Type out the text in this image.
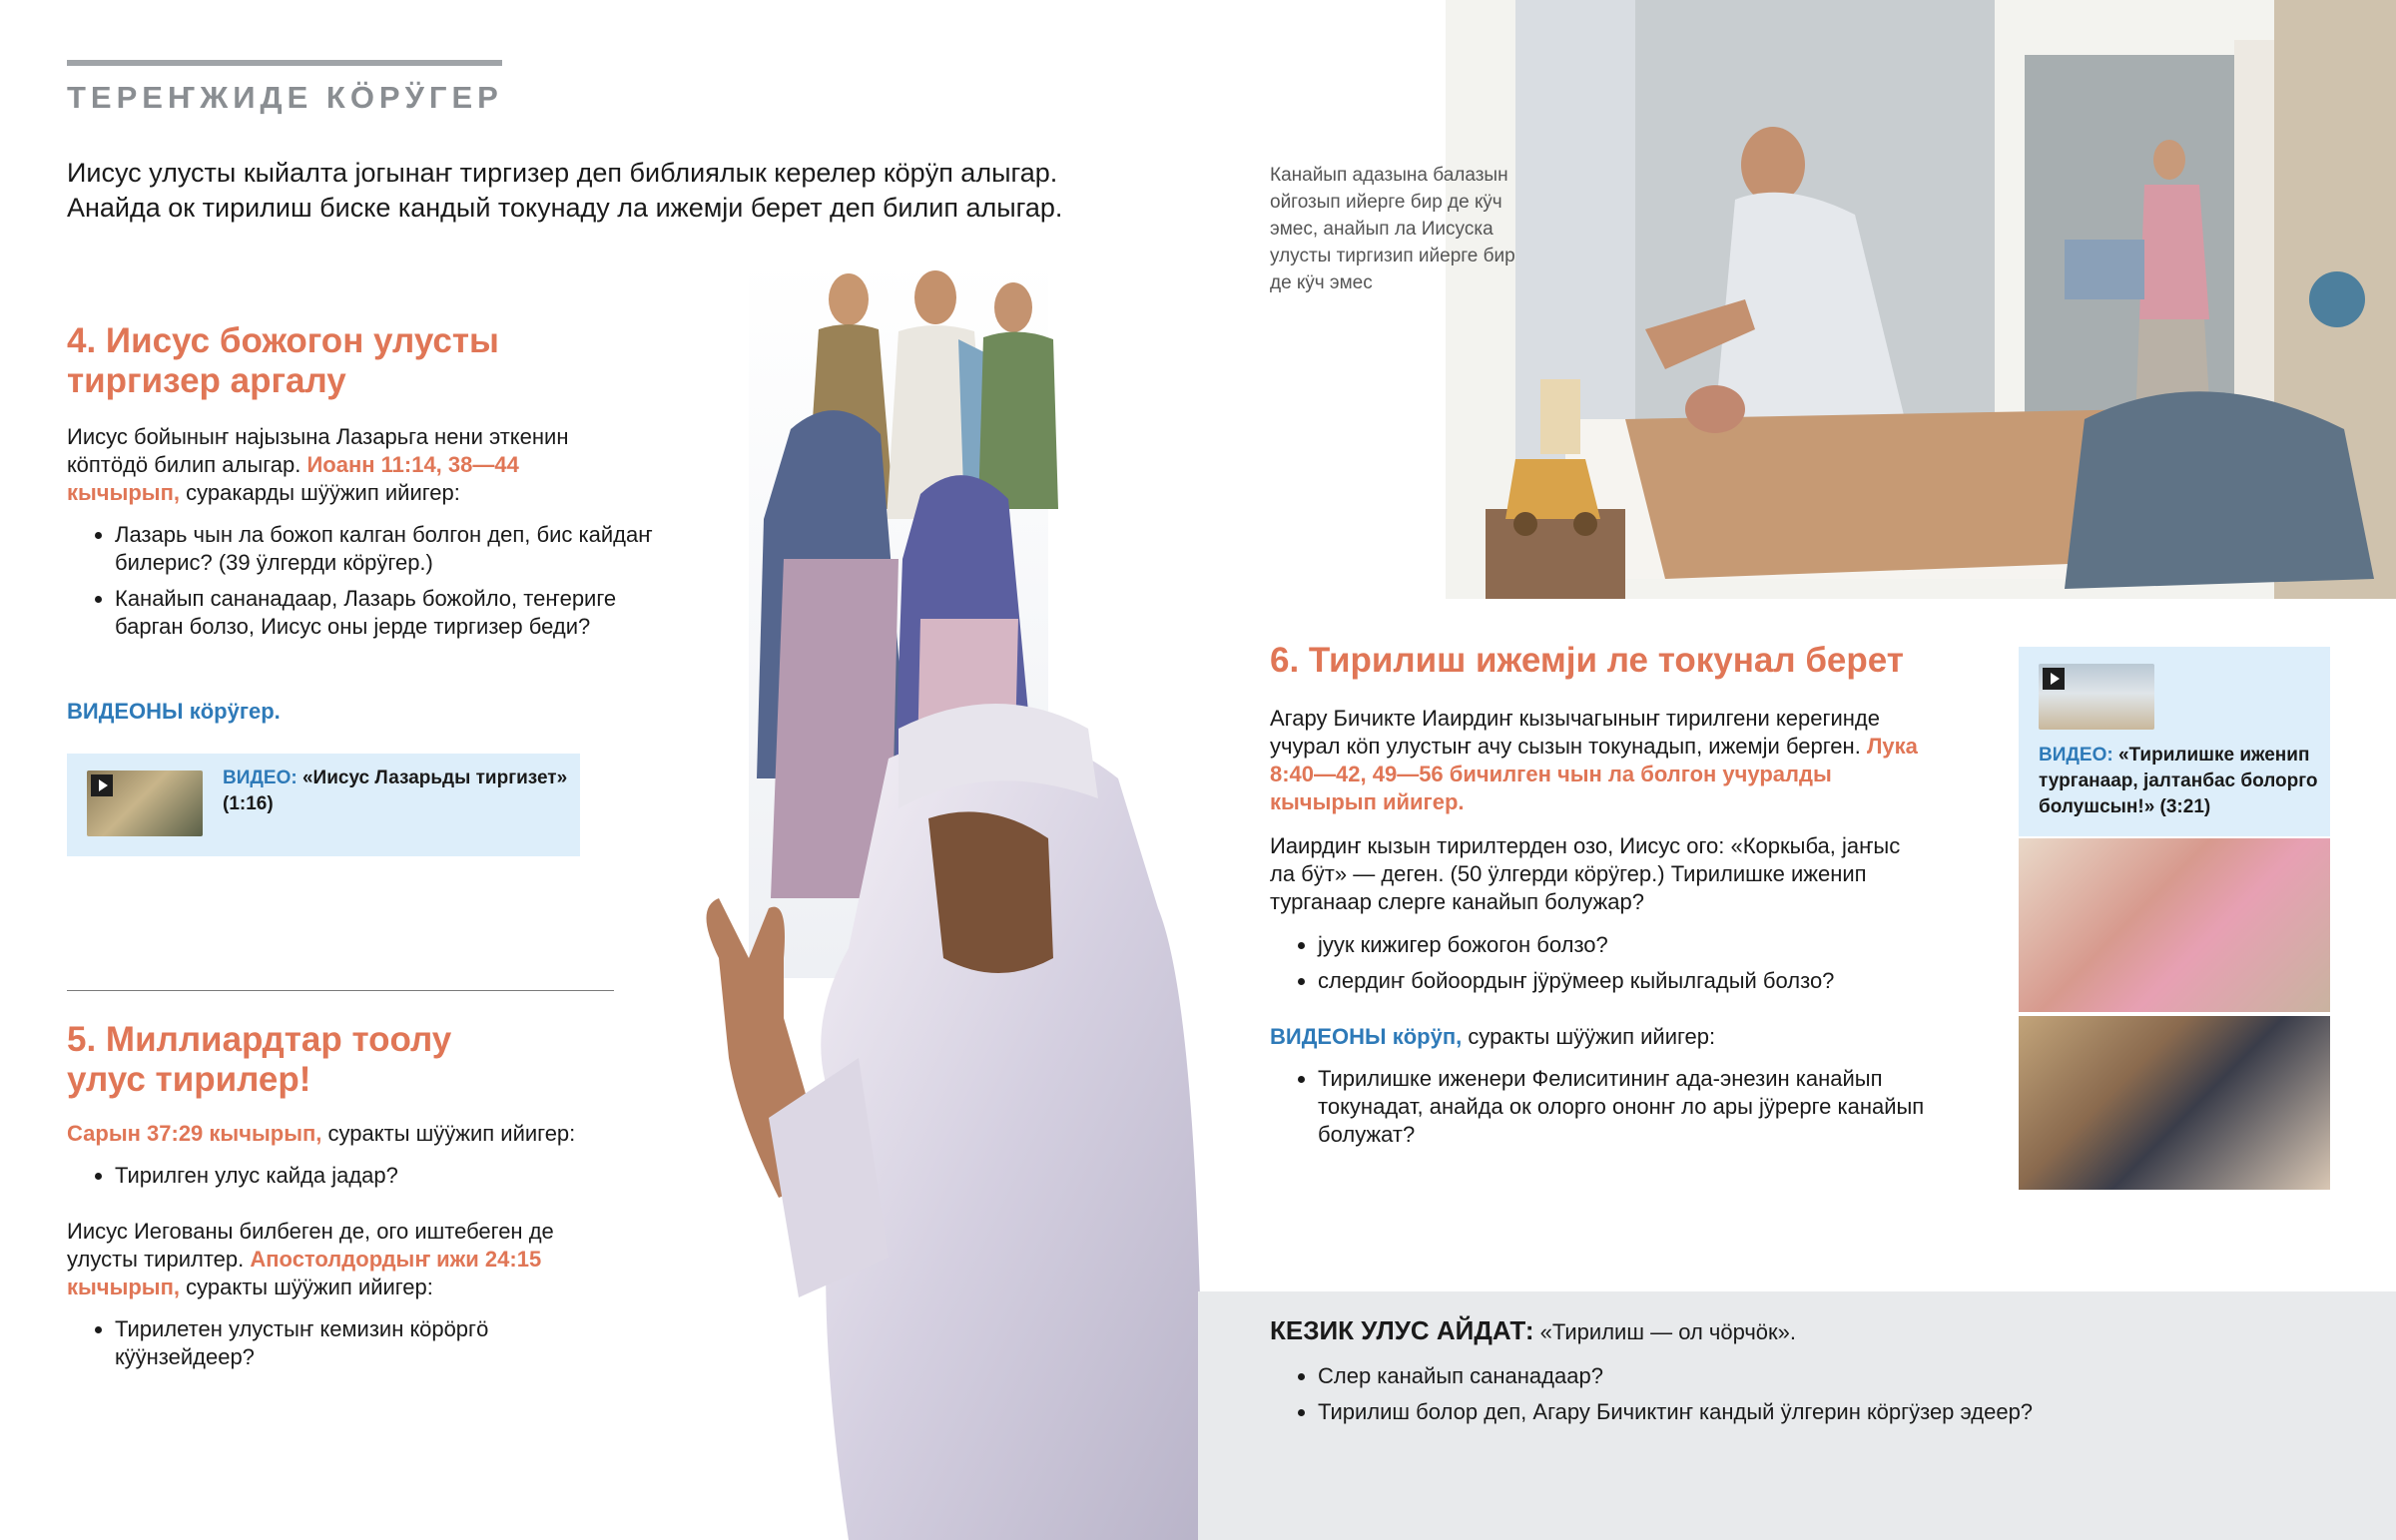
ТЕРЕҤЖИДЕ КӦРӰГЕР
Иисус улусты кыйалта јогынаҥ тиргизер деп библиялык керелер кӧрӱп алыгар. Анайда ок тирилиш биске кандый токунаду ла ижемји берет деп билип алыгар.
4. Иисус божогон улусты
тиргизер аргалу

Иисус бойыныҥ најызына Лазарьга нени эткенин кӧптӧдӧ билип алыгар. Иоанн 11:14, 38—44 кычырып, суракарды шӱӱжип ийигер:

• Лазарь чын ла божоп калган болгон деп, бис кайдаҥ билерис? (39 ӱлгерди кӧрӱгер.)
• Канайып сананадаар, Лазарь божойло, теҥериге барган болзо, Иисус оны јерде тиргизер беди?
ВИДЕОНЫ кӧрӱгер.
ВИДЕО: «Иисус Лазарьды тиргизет» (1:16)
5. Миллиардтар тоолу
улус тирилер!

Сарын 37:29 кычырып, суракты шӱӱжип ийигер:

• Тирилген улус кайда јадар?

Иисус Иегованы билбеген де, ого иштебеген де улусты тирилтер. Апостолдордыҥ ижи 24:15 кычырып, суракты шӱӱжип ийигер:

• Тирилетен улустыҥ кемизин кӧрӧргӧ кӱӱнзейдеер?
Канайып адазына балазын ойгозып ийерге бир де кӱч эмес, анайып ла Иисуска улусты тиргизип ийерге бир де кӱч эмес
6. Тирилиш ижемји ле токунал берет

Агару Бичикте Иаирдиҥ кызычагыныҥ тирилгени керегинде учурал кӧп улустыҥ ачу сызын токунадып, ижемји берген. Лука 8:40—42, 49—56 бичилген чын ла болгон учуралды кычырып ийигер.

Иаирдиҥ кызын тирилтерден озо, Иисус ого: «Коркыба, јаҥыс ла бӱт» — деген. (50 ӱлгерди кӧрӱгер.) Тирилишке иженип турганаар слерге канайып болужар?

• јуук кижигер божогон болзо?
• слердиҥ бойоордыҥ јӱрӱмеер кыйылгадый болзо?

ВИДЕОНЫ кӧрӱп, суракты шӱӱжип ийигер:

• Тирилишке иженери Фелиситиниҥ ада-энезин канайып токунадат, анайда ок олорго ононҥ ло ары јӱрерге канайып болужат?
ВИДЕО: «Тирилишке иженип турганаар, јалтанбас болорго болушсын!» (3:21)

КЕЗИК УЛУС АЙДАТ: «Тирилиш — ол чӧрчӧк».

• Слер канайып сананадаар?
• Тирилиш болор деп, Агару Бичиктиҥ кандый ӱлгерин кӧргӱзер эдеер?
